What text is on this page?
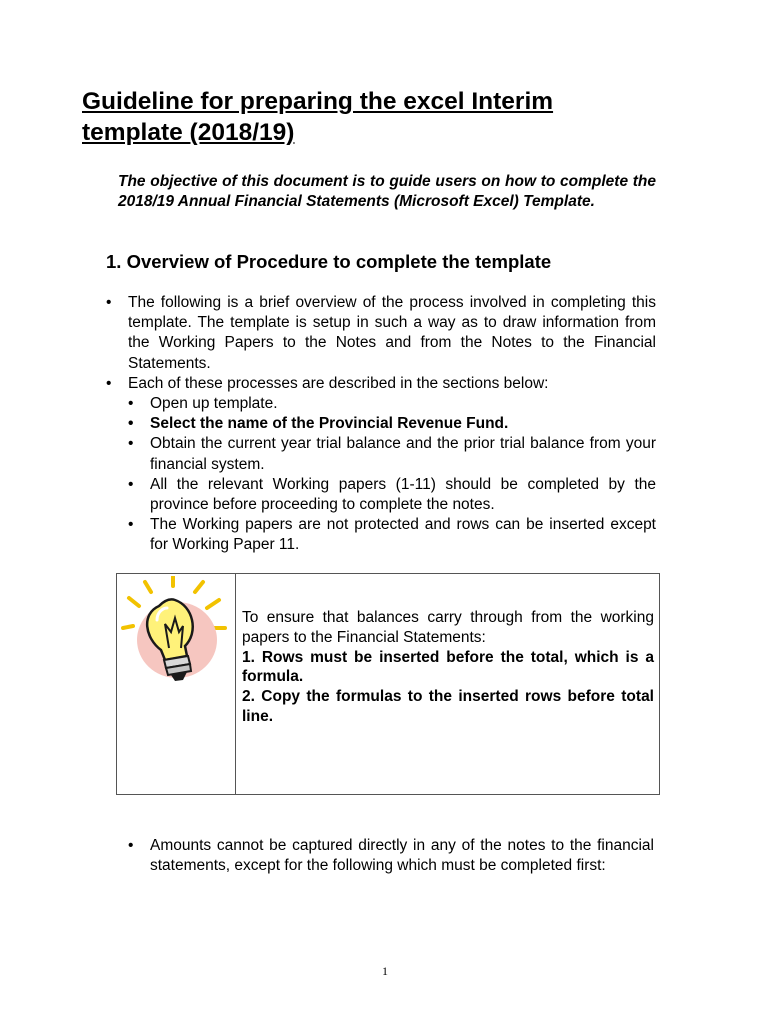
Guideline for preparing the excel Interim template (2018/19)

The objective of this document is to guide users on how to complete the 2018/19 Annual Financial Statements (Microsoft Excel) Template.

1. Overview of Procedure to complete the template
• The following is a brief overview of the process involved in completing this template. The template is setup in such a way as to draw information from the Working Papers to the Notes and from the Notes to the Financial Statements.
• Each of these processes are described in the sections below:
• Open up template.
• Select the name of the Provincial Revenue Fund.
• Obtain the current year trial balance and the prior trial balance from your financial system.
• All the relevant Working papers (1-11) should be completed by the province before proceeding to complete the notes.
• The Working papers are not protected and rows can be inserted except for Working Paper 11.

To ensure that balances carry through from the working papers to the Financial Statements:

1. Rows must be inserted before the total, which is a formula.

2. Copy the formulas to the inserted rows before total line.

• Amounts cannot be captured directly in any of the notes to the financial statements, except for the following which must be completed first:
1
